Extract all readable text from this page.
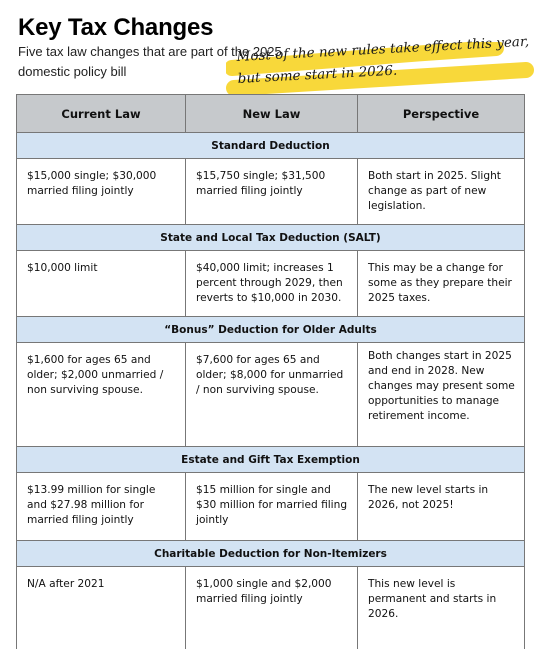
Key Tax Changes
Five tax law changes that are part of the 2025 domestic policy bill
Most of the new rules take effect this year, but some start in 2026.
Current Law	New Law	Perspective
Standard Deduction		
$15,000 single; $30,000 married filing jointly	$15,750 single; $31,500 married filing jointly	Both start in 2025. Slight change as part of new legislation.
State and Local Tax Deduction (SALT)		
$10,000 limit	$40,000 limit; increases 1 percent through 2029, then reverts to $10,000 in 2030.	This may be a change for some as they prepare their 2025 taxes.
“Bonus” Deduction for Older Adults		
$1,600 for ages 65 and older; $2,000 unmarried / non surviving spouse.	$7,600 for ages 65 and older; $8,000 for unmarried / non surviving spouse.	Both changes start in 2025 and end in 2028. New changes may present some opportunities to manage retirement income.
Estate and Gift Tax Exemption		
$13.99 million for single and $27.98 million for married filing jointly	$15 million for single and $30 million for married filing jointly	The new level starts in 2026, not 2025!
Charitable Deduction for Non-Itemizers		
N/A after 2021	$1,000 single and $2,000 married filing jointly	This new level is permanent and starts in 2026.
